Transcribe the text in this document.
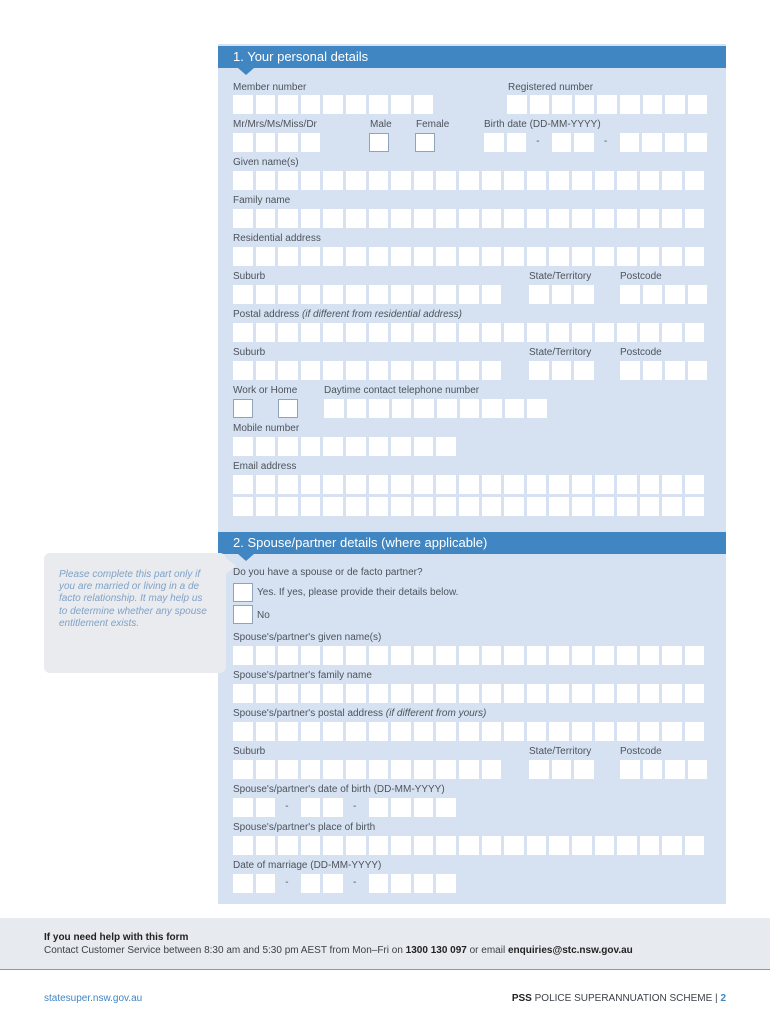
1. Your personal details
Member number	Registered number
Mr/Mrs/Ms/Miss/Dr	Male Female	Birth date (DD-MM-YYYY)
-
-
Given name(s)
Family name
Residential address
Suburb	State/Territory	Postcode
Postal address (if different from residential address)
Suburb	State/Territory	Postcode
Work or Home	Daytime contact telephone number
Mobile number
Email address
2. Spouse/partner details (where applicable)
Please complete this part only if you are married or living in a de facto relationship. It may help us to determine whether any spouse entitlement exists.
Do you have a spouse or de facto partner?
Yes. If yes, please provide their details below.
No
Spouse's/partner's given name(s)
Spouse's/partner's family name
Spouse's/partner's postal address (if different from yours)
Suburb	State/Territory	Postcode
Spouse's/partner's date of birth (DD-MM-YYYY)
-
-
Spouse's/partner's place of birth
Date of marriage (DD-MM-YYYY)
-
-
If you need help with this form
Contact Customer Service between 8:30 am and 5:30 pm AEST from Mon–Fri on 1300 130 097 or email enquiries@stc.nsw.gov.au
statesuper.nsw.gov.au	PSS POLICE SUPERANNUATION SCHEME | 2
